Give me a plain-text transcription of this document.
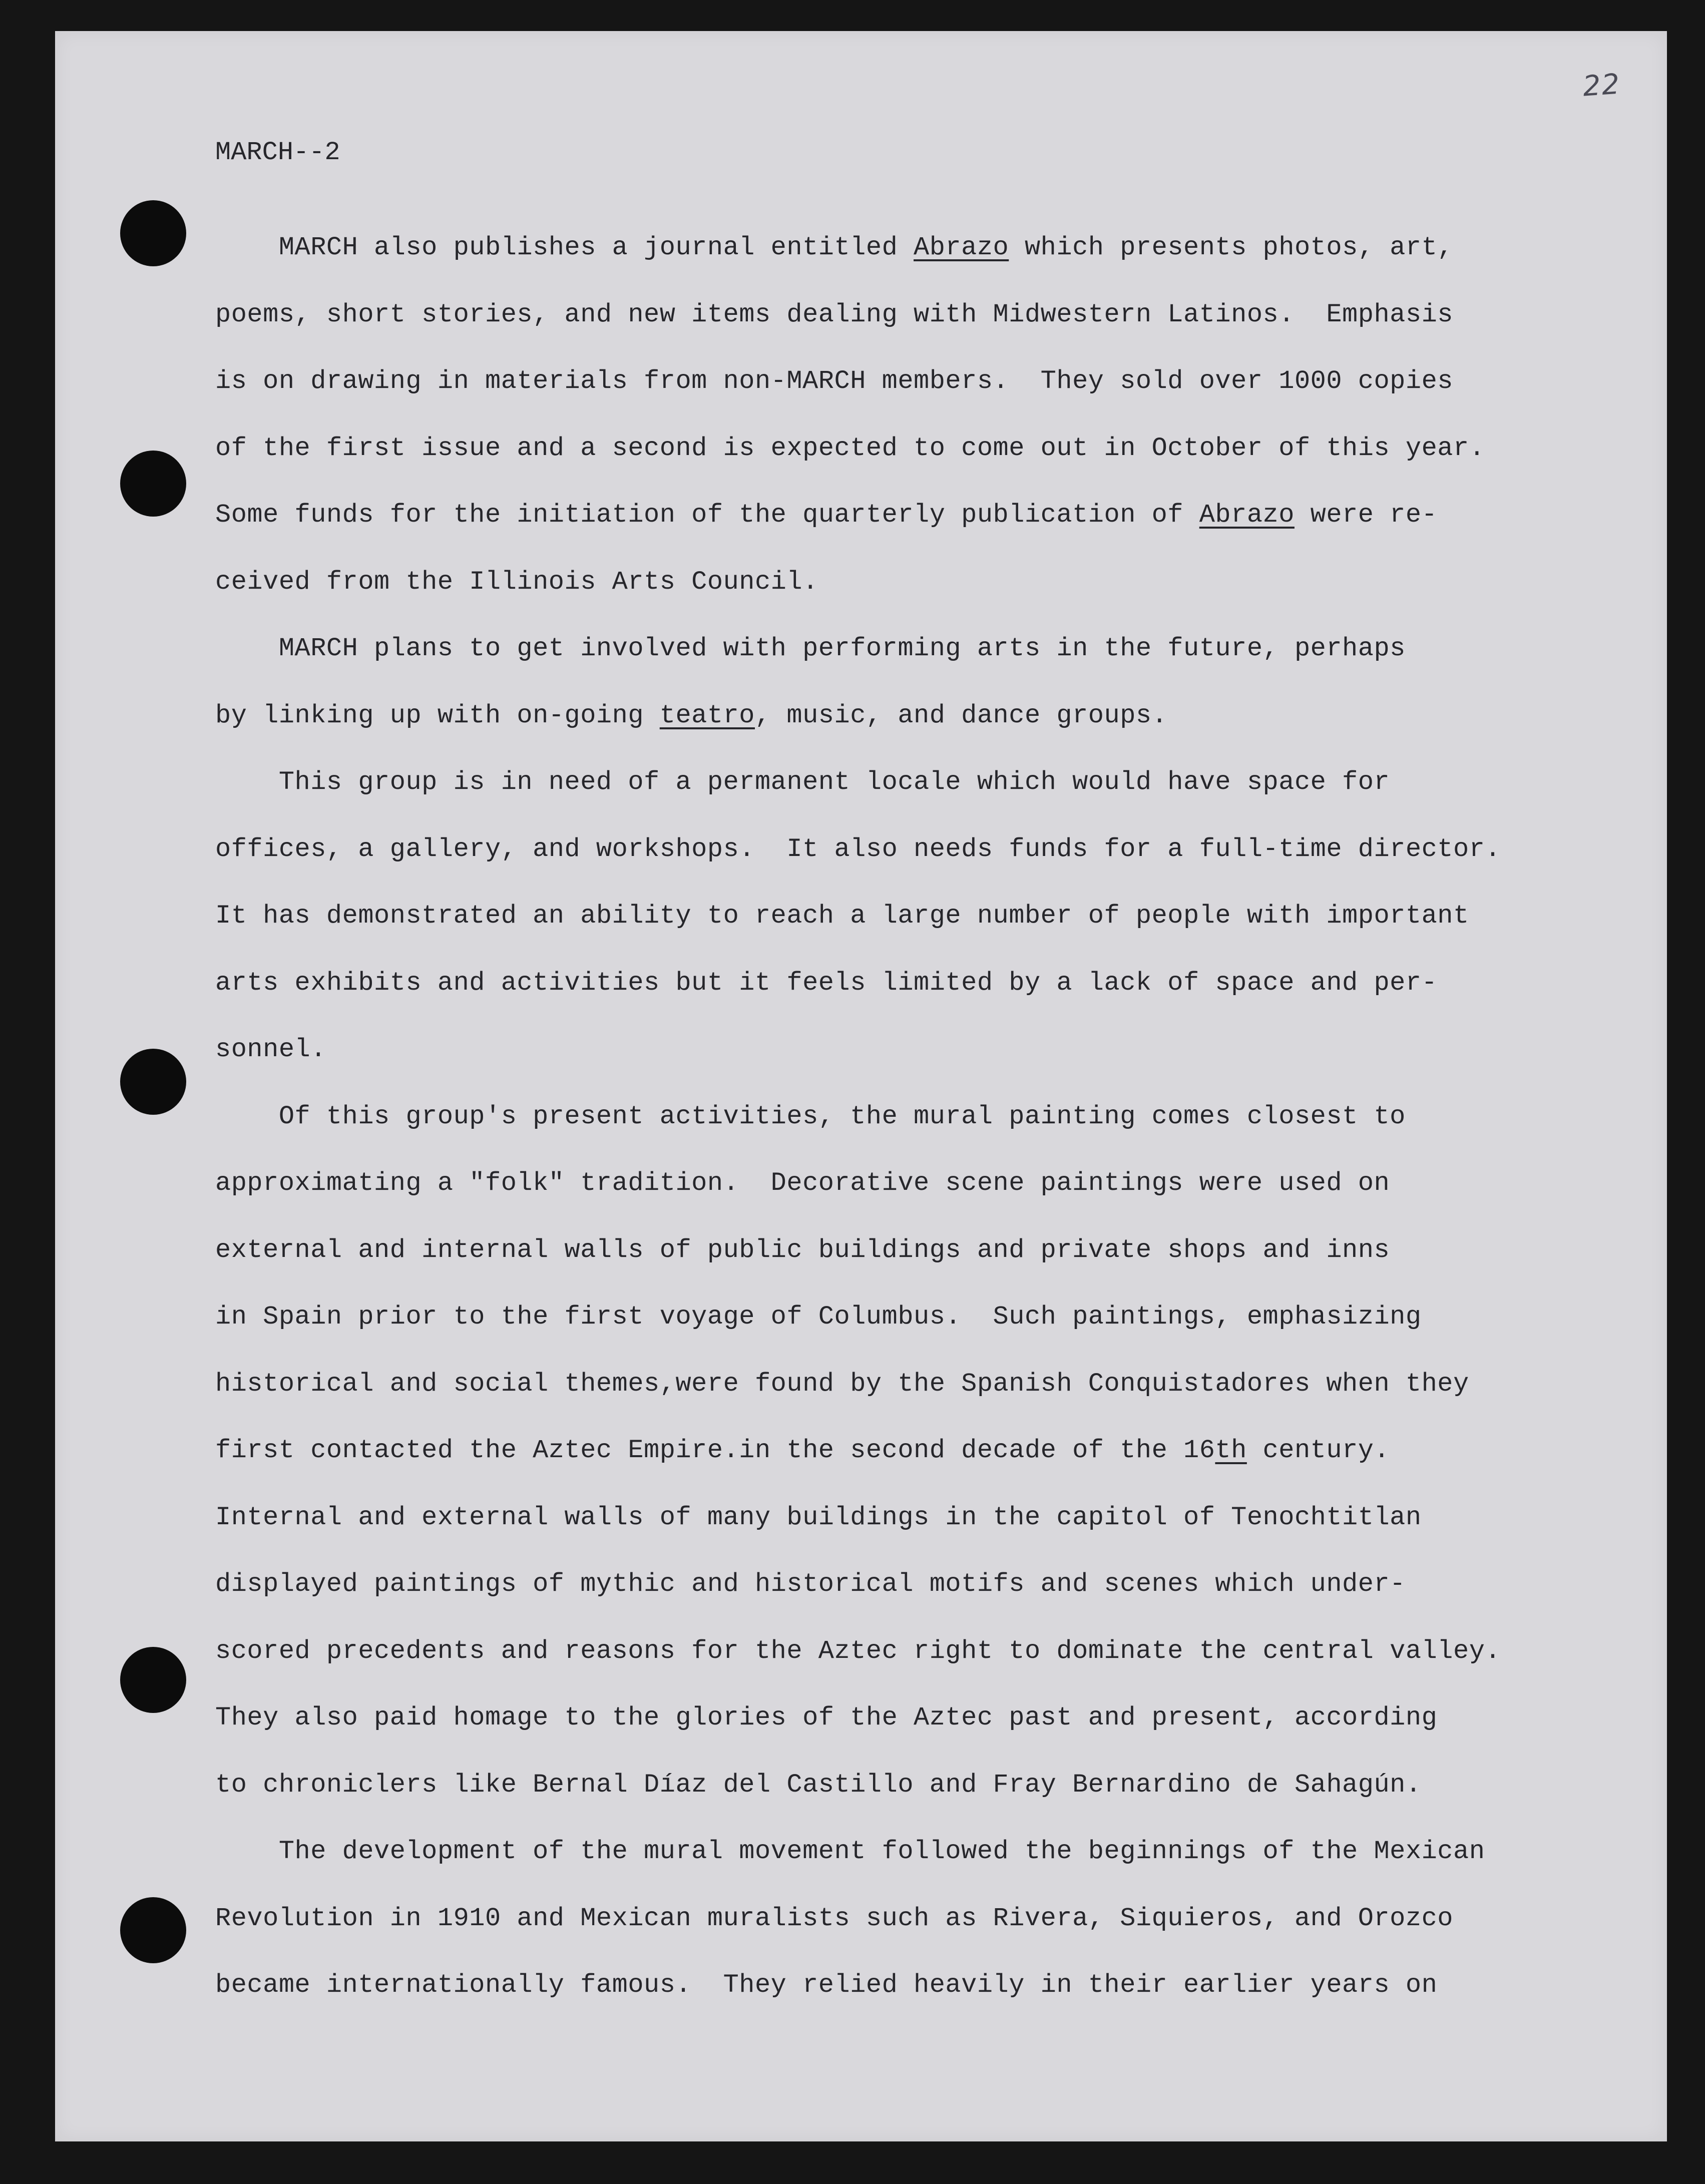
22
MARCH--2
MARCH also publishes a journal entitled Abrazo which presents photos, art,
poems, short stories, and new items dealing with Midwestern Latinos.  Emphasis
is on drawing in materials from non-MARCH members.  They sold over 1000 copies
of the first issue and a second is expected to come out in October of this year.
Some funds for the initiation of the quarterly publication of Abrazo were re-
ceived from the Illinois Arts Council.
MARCH plans to get involved with performing arts in the future, perhaps
by linking up with on-going teatro, music, and dance groups.
This group is in need of a permanent locale which would have space for
offices, a gallery, and workshops.  It also needs funds for a full-time director.
It has demonstrated an ability to reach a large number of people with important
arts exhibits and activities but it feels limited by a lack of space and per-
sonnel.
Of this group's present activities, the mural painting comes closest to
approximating a "folk" tradition.  Decorative scene paintings were used on
external and internal walls of public buildings and private shops and inns
in Spain prior to the first voyage of Columbus.  Such paintings, emphasizing
historical and social themes,were found by the Spanish Conquistadores when they
first contacted the Aztec Empire.in the second decade of the 16th century.
Internal and external walls of many buildings in the capitol of Tenochtitlan
displayed paintings of mythic and historical motifs and scenes which under-
scored precedents and reasons for the Aztec right to dominate the central valley.
They also paid homage to the glories of the Aztec past and present, according
to chroniclers like Bernal Díaz del Castillo and Fray Bernardino de Sahagún.
The development of the mural movement followed the beginnings of the Mexican
Revolution in 1910 and Mexican muralists such as Rivera, Siquieros, and Orozco
became internationally famous.  They relied heavily in their earlier years on
